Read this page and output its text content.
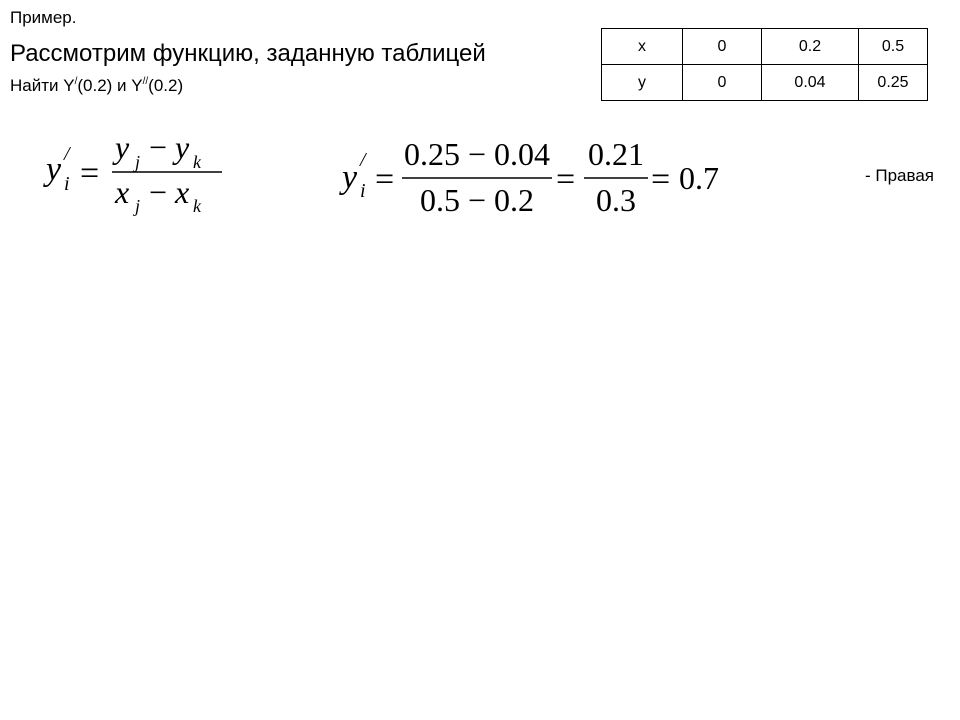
Пример.
Рассмотрим функцию, заданную таблицей
Найти Y/(0.2) и Y//(0.2)
x	0	0.2	0.5
y	0	0.04	0.25
y i
/
=
y j − y k
x j − x k
y i
/
=
0.25 − 0.04
0.5 − 0.2
=
0.21
0.3
= 0.7	- Правая
